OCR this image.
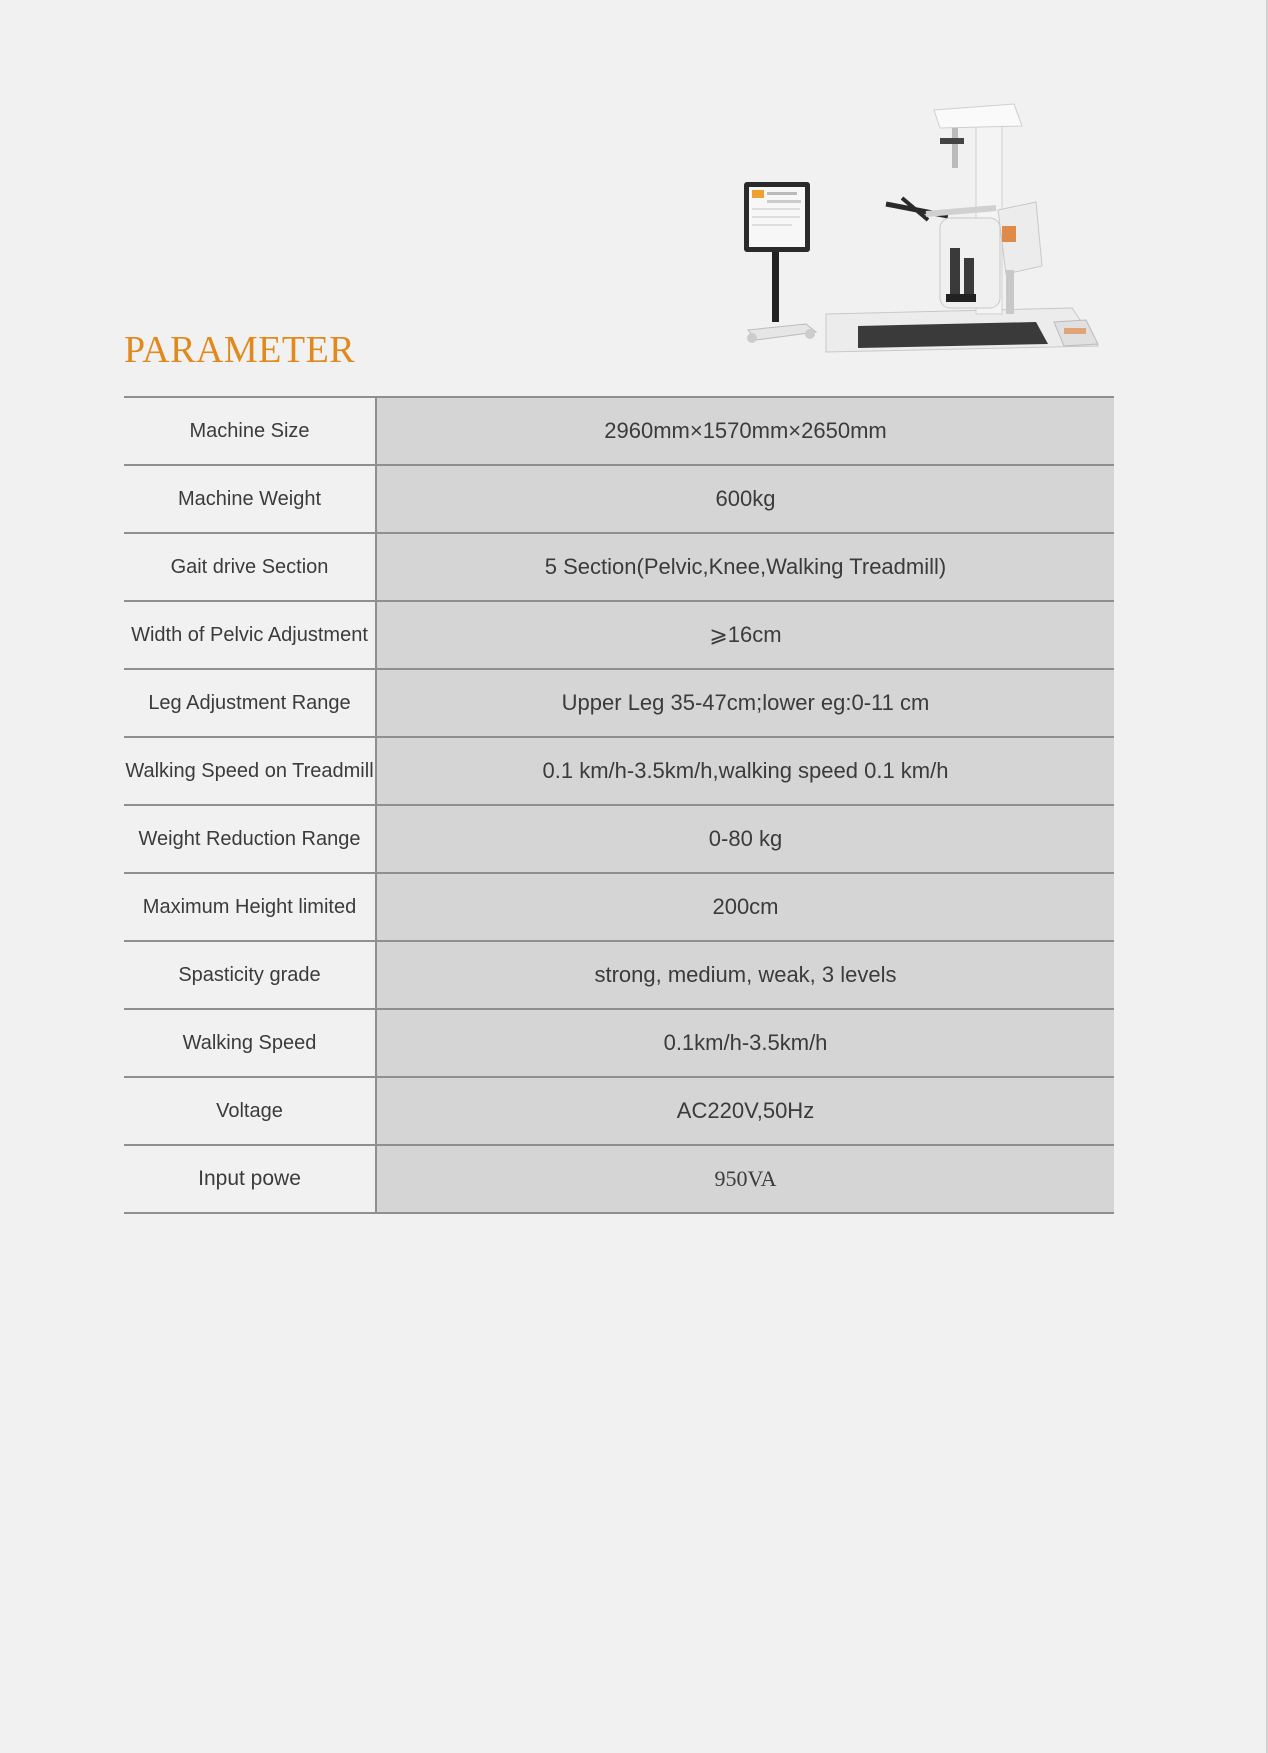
PARAMETER
Machine Size	2960mm×1570mm×2650mm
Machine Weight	600kg
Gait drive Section	5 Section(Pelvic,Knee,Walking Treadmill)
Width of Pelvic Adjustment	⩾16cm
Leg Adjustment Range	Upper Leg 35-47cm;lower eg:0-11 cm
Walking Speed on Treadmill	0.1 km/h-3.5km/h,walking speed 0.1 km/h
Weight Reduction Range	0-80 kg
Maximum Height limited	200cm
Spasticity grade	strong, medium, weak, 3 levels
Walking Speed	0.1km/h-3.5km/h
Voltage	AC220V,50Hz
Input powe	950VA
